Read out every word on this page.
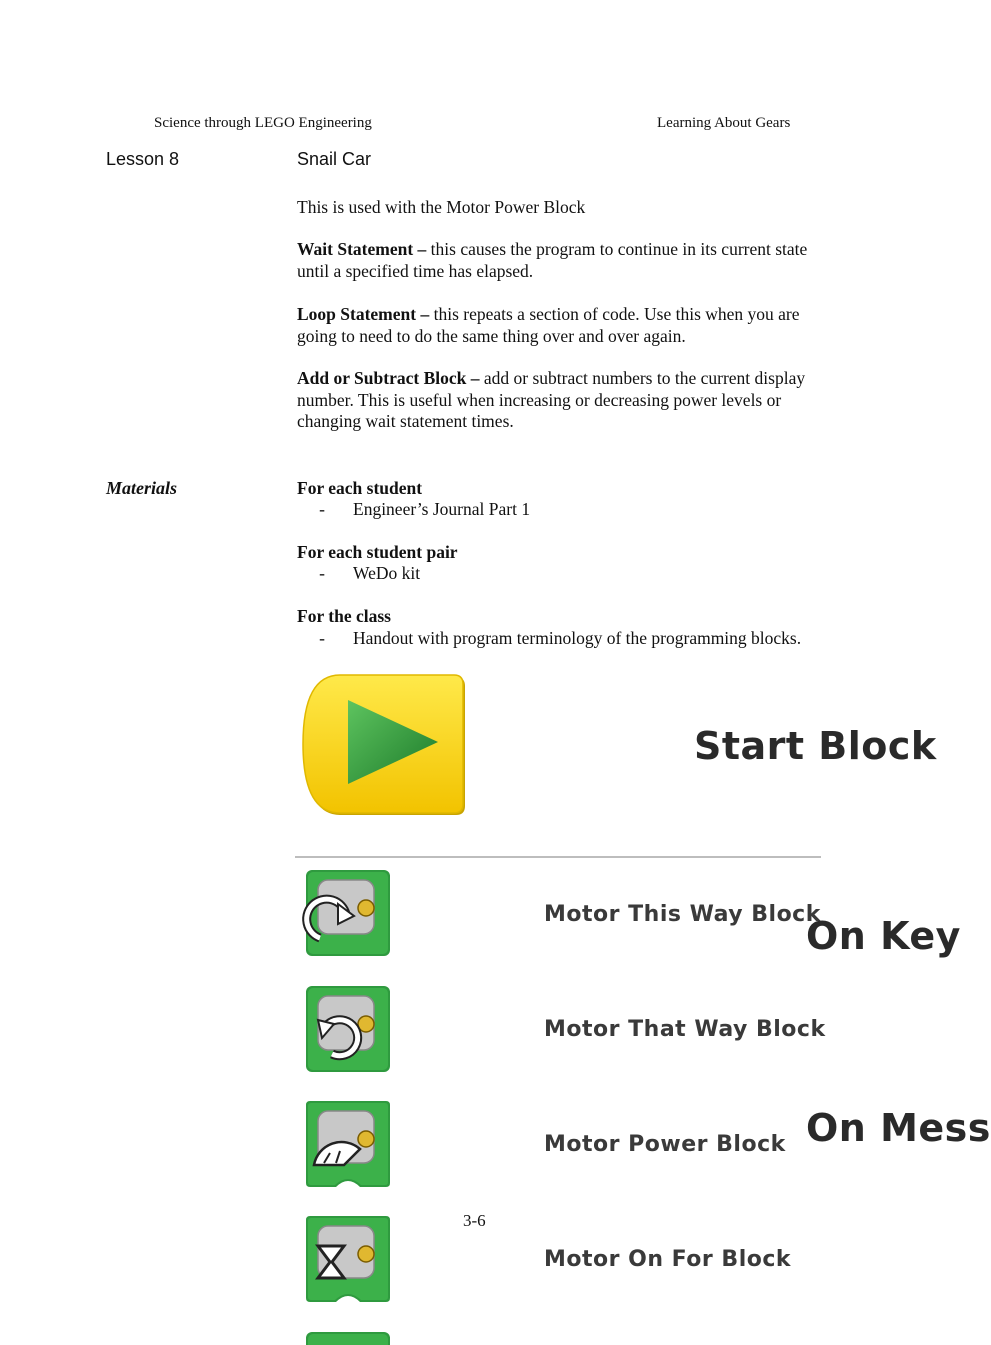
Science through LEGO Engineering	Learning About Gears
Lesson 8	Snail Car
This is used with the Motor Power Block
Wait Statement – this causes the program to continue in its current state
until a specified time has elapsed.
Loop Statement – this repeats a section of code. Use this when you are
going to need to do the same thing over and over again.
Add or Subtract Block – add or subtract numbers to the current display
number. This is useful when increasing or decreasing power levels or
changing wait statement times.
Materials	For each student
- Engineer’s Journal Part 1
For each student pair
- WeDo kit
For the class
- Handout with program terminology of the programming blocks.
Start Block
Motor This Way Block
Motor That Way Block
Motor Power Block
Motor On For Block
On Key
On Mess
3-6
